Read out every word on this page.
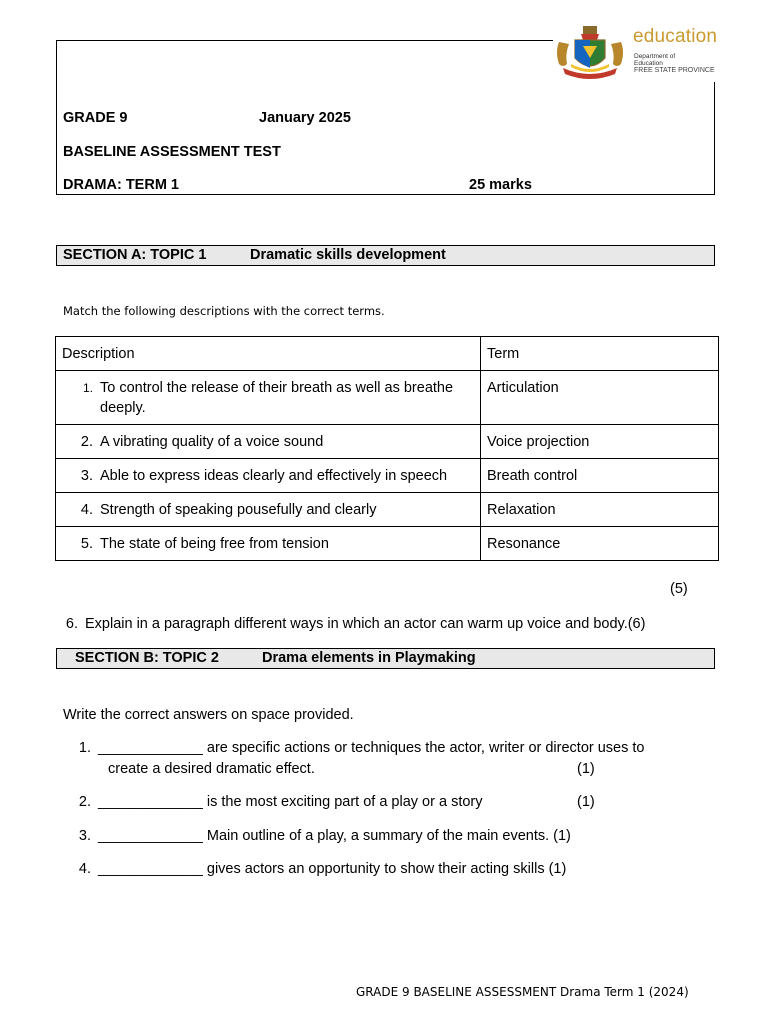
education
Department of
Education
FREE STATE PROVINCE
GRADE 9	January 2025
BASELINE ASSESSMENT TEST
DRAMA: TERM 1	25 marks
SECTION A: TOPIC 1	Dramatic skills development
Match the following descriptions with the correct terms.
Description	Term
1. To control the release of their breath as well as breathe deeply.	Articulation
2. A vibrating quality of a voice sound	Voice projection
3. Able to express ideas clearly and effectively in speech	Breath control
4. Strength of speaking pousefully and clearly	Relaxation
5. The state of being free from tension	Resonance
(5)
6. Explain in a paragraph different ways in which an actor can warm up voice and body.(6)
SECTION B: TOPIC 2	Drama elements in Playmaking
Write the correct answers on space provided.
1. _____________ are specific actions or techniques the actor, writer or director uses to
create a desired dramatic effect.	(1)
2. _____________ is the most exciting part of a play or a story	(1)
3. _____________ Main outline of a play, a summary of the main events. (1)
4. _____________ gives actors an opportunity to show their acting skills (1)
GRADE 9 BASELINE ASSESSMENT Drama Term 1 (2024)
